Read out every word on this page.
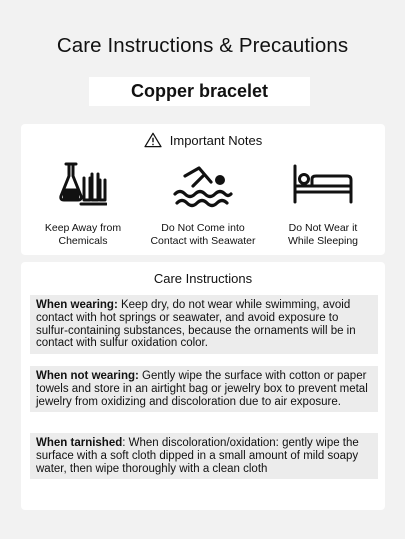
Care Instructions & Precautions
Copper bracelet
Important Notes
Keep Away from
Chemicals
Do Not Come into
Contact with Seawater
Do Not Wear it
While Sleeping
Care Instructions
When wearing: Keep dry, do not wear while swimming, avoid contact with hot springs or seawater, and avoid exposure to sulfur-containing substances, because the ornaments will be in contact with sulfur oxidation color.
When not wearing: Gently wipe the surface with cotton or paper towels and store in an airtight bag or jewelry box to prevent metal jewelry from oxidizing and discoloration due to air exposure.
When tarnished: When discoloration/oxidation: gently wipe the surface with a soft cloth dipped in a small amount of mild soapy water, then wipe thoroughly with a clean cloth
